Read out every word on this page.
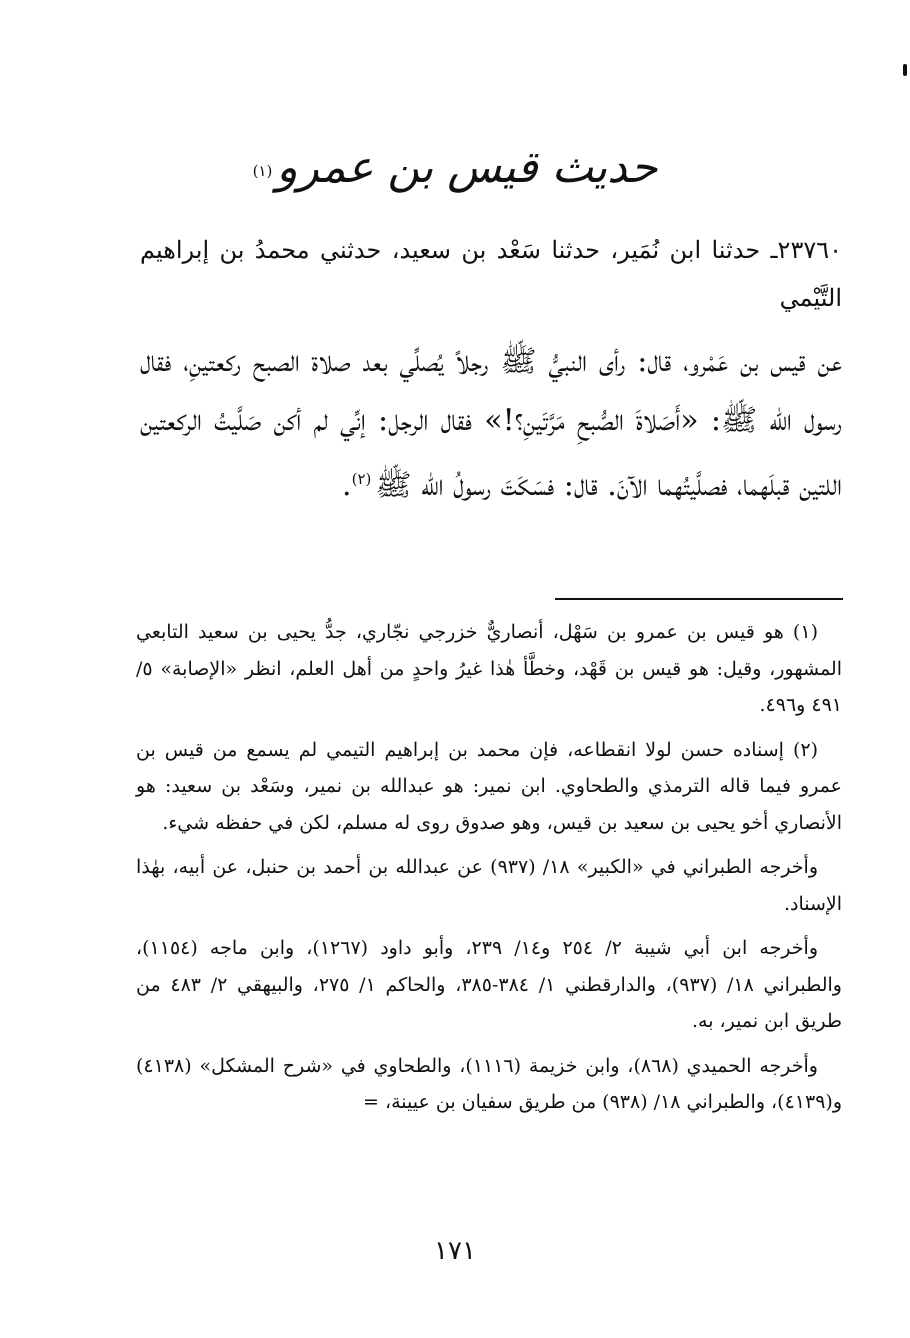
حديث قيس بن عمرو(١)
٢٣٧٦٠ـ حدثنا ابن نُمَير، حدثنا سَعْد بن سعيد، حدثني محمدُ بن إبراهيم التَّيْمي
عن قيس بن عَمْرو، قال: رأى النبيُّ ﷺ رجلاً يُصلِّي بعد صلاة الصبح ركعتينِ، فقال رسول الله ﷺ: «أَصَلاةَ الصُّبحِ مَرَّتَينِ؟!» فقال الرجل: إنِّي لم أكن صَلَّيتُ الركعتين اللتين قبلَهما، فصلَّيتُهما الآنَ. قال: فسَكَتَ رسولُ الله ﷺ$^{(٢)}$.

(١) هو قيس بن عمرو بن سَهْل، أنصاريٌّ خزرجي نجّاري، جدُّ يحيى بن سعيد التابعي المشهور، وقيل: هو قيس بن قَهْد، وخطَّأ هٰذا غيرُ واحدٍ من أهل العلم، انظر «الإصابة» ٥/ ٤٩١ و٤٩٦.

(٢) إسناده حسن لولا انقطاعه، فإن محمد بن إبراهيم التيمي لم يسمع من قيس بن عمرو فيما قاله الترمذي والطحاوي. ابن نمير: هو عبدالله بن نمير، وسَعْد بن سعيد: هو الأنصاري أخو يحيى بن سعيد بن قيس، وهو صدوق روى له مسلم، لكن في حفظه شيء.

وأخرجه الطبراني في «الكبير» ١٨/ (٩٣٧) عن عبدالله بن أحمد بن حنبل، عن أبيه، بهٰذا الإسناد.

وأخرجه ابن أبي شيبة ٢/ ٢٥٤ و١٤/ ٢٣٩، وأبو داود (١٢٦٧)، وابن ماجه (١١٥٤)، والطبراني ١٨/ (٩٣٧)، والدارقطني ١/ ٣٨٤-٣٨٥، والحاكم ١/ ٢٧٥، والبيهقي ٢/ ٤٨٣ من طريق ابن نمير، به.

وأخرجه الحميدي (٨٦٨)، وابن خزيمة (١١١٦)، والطحاوي في «شرح المشكل» (٤١٣٨) و(٤١٣٩)، والطبراني ١٨/ (٩٣٨) من طريق سفيان بن عيينة، =

١٧١
